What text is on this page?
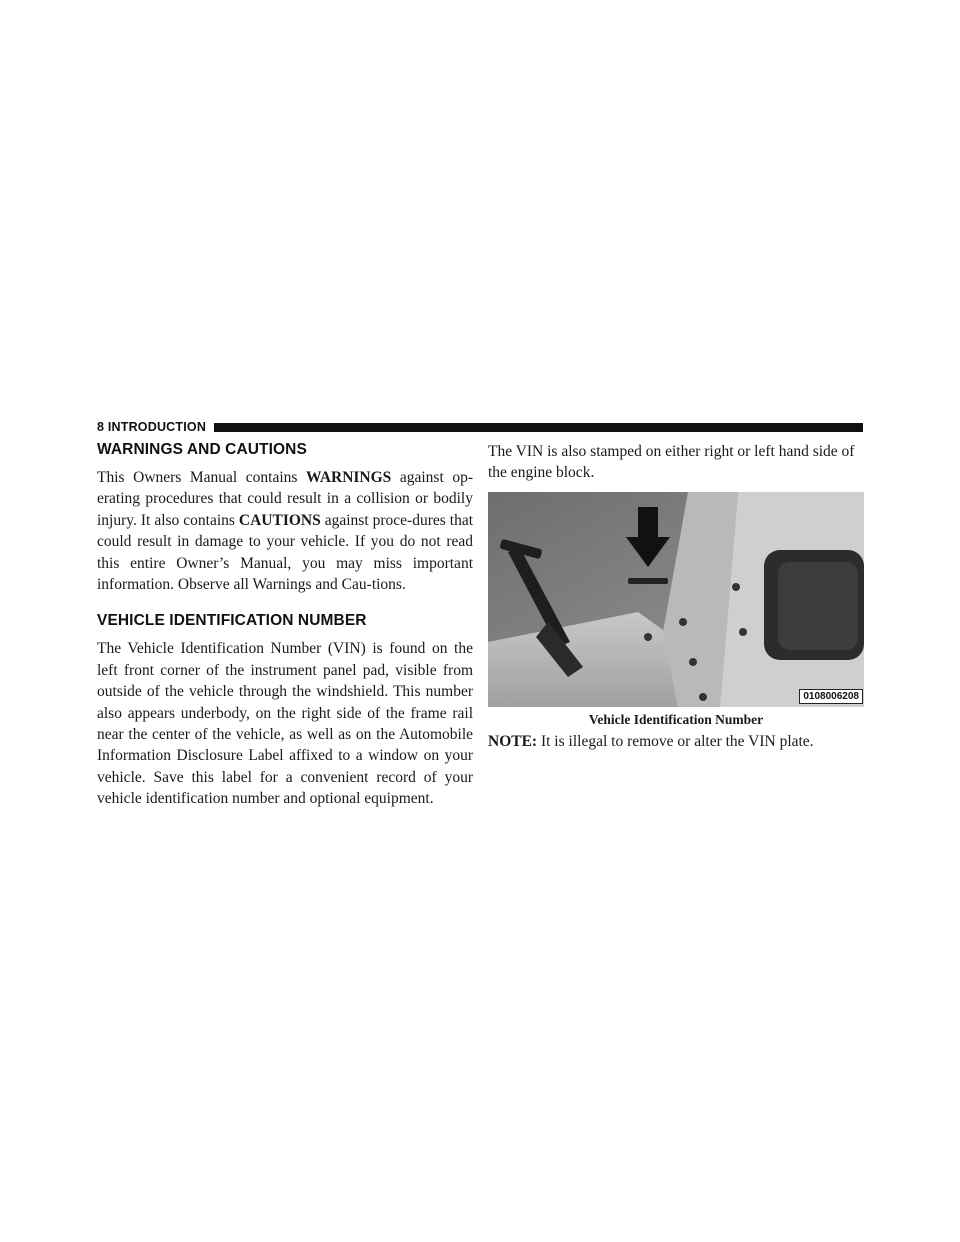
8 INTRODUCTION
WARNINGS AND CAUTIONS

This Owners Manual contains WARNINGS against op-erating procedures that could result in a collision or bodily injury. It also contains CAUTIONS against proce-dures that could result in damage to your vehicle. If you do not read this entire Owner’s Manual, you may miss important information. Observe all Warnings and Cau-tions.

VEHICLE IDENTIFICATION NUMBER

The Vehicle Identification Number (VIN) is found on the left front corner of the instrument panel pad, visible from outside of the vehicle through the windshield. This number also appears underbody, on the right side of the frame rail near the center of the vehicle, as well as on the Automobile Information Disclosure Label affixed to a window on your vehicle. Save this label for a convenient record of your vehicle identification number and optional equipment.

The VIN is also stamped on either right or left hand side of the engine block.

0108006208
Vehicle Identification Number

NOTE: It is illegal to remove or alter the VIN plate.
